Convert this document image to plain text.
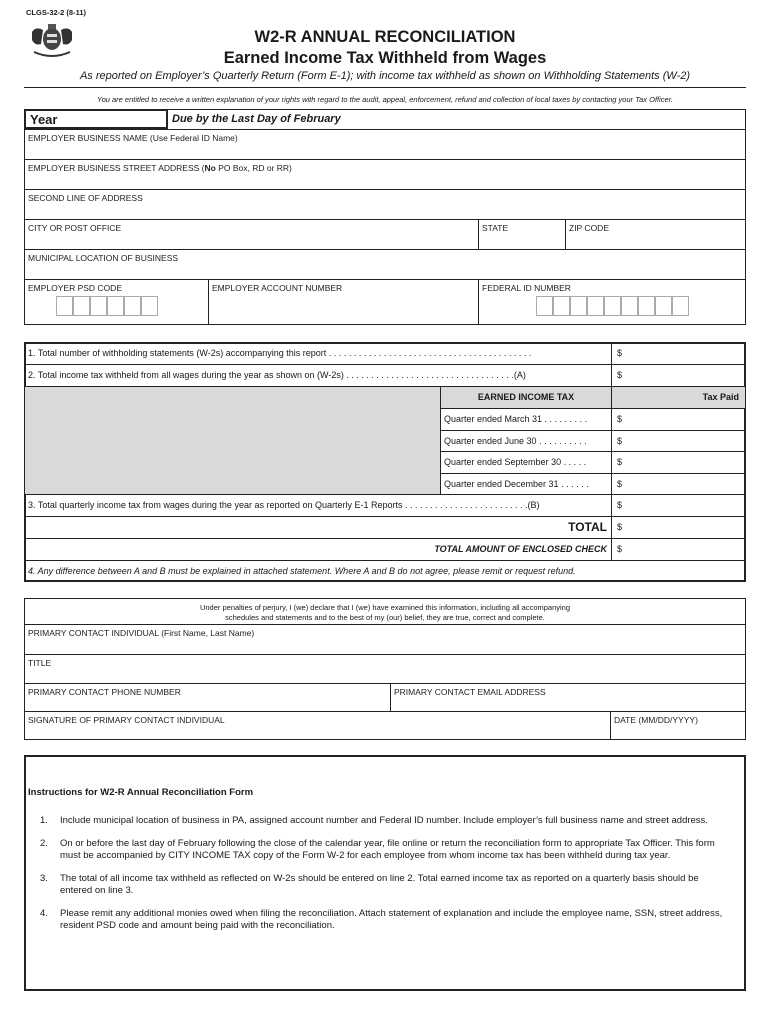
CLGS-32-2 (8-11)
W2-R ANNUAL RECONCILIATION
Earned Income Tax Withheld from Wages
As reported on Employer’s Quarterly Return (Form E-1); with income tax withheld as shown on Withholding Statements (W-2)
You are entitled to receive a written explanation of your rights with regard to the audit, appeal, enforcement, refund and collection of local taxes by contacting your Tax Officer.
Year	Due by the Last Day of February
EMPLOYER BUSINESS NAME (Use Federal ID Name)
EMPLOYER BUSINESS STREET ADDRESS (No PO Box, RD or RR)
SECOND LINE OF ADDRESS
CITY OR POST OFFICE	STATE	ZIP CODE
MUNICIPAL LOCATION OF BUSINESS
EMPLOYER PSD CODE	EMPLOYER ACCOUNT NUMBER	FEDERAL ID NUMBER
1. Total number of withholding statements (W-2s) accompanying this report . . . . . . . . . . . . . . . . . . . . . . . . . . . . . . . . . . . . . . . . .	$
2. Total income tax withheld from all wages during the year as shown on (W-2s) . . . . . . . . . . . . . . . . . . . . . . . . . . . . . . . . . .(A)	$
EARNED INCOME TAX	Tax Paid
Quarter ended March 31 . . . . . . . . .	$
Quarter ended June 30 . . . . . . . . . .	$
Quarter ended September 30 . . . . .	$
Quarter ended December 31 . . . . . .	$
3. Total quarterly income tax from wages during the year as reported on Quarterly E-1 Reports . . . . . . . . . . . . . . . . . . . . . . . . .(B)	$
TOTAL $
TOTAL AMOUNT OF ENCLOSED CHECK $
4. Any difference between A and B must be explained in attached statement. Where A and B do not agree, please remit or request refund.
Under penalties of perjury, I (we) declare that I (we) have examined this information, including all accompanying
schedules and statements and to the best of my (our) belief, they are true, correct and complete.
PRIMARY CONTACT INDIVIDUAL (First Name, Last Name)
TITLE
PRIMARY CONTACT PHONE NUMBER	PRIMARY CONTACT EMAIL ADDRESS
SIGNATURE OF PRIMARY CONTACT INDIVIDUAL	DATE (MM/DD/YYYY)
Instructions for W2-R Annual Reconciliation Form
1. Include municipal location of business in PA, assigned account number and Federal ID number. Include employer’s full business name and street address.
2. On or before the last day of February following the close of the calendar year, file online or return the reconciliation form to appropriate Tax Officer. This form must be accompanied by CITY INCOME TAX copy of the Form W-2 for each employee from whom income tax has been withheld during tax year.
3. The total of all income tax withheld as reflected on W-2s should be entered on line 2. Total earned income tax as reported on a quarterly basis should be entered on line 3.
4. Please remit any additional monies owed when filing the reconciliation. Attach statement of explanation and include the employee name, SSN, street address, resident PSD code and amount being paid with the reconciliation.
